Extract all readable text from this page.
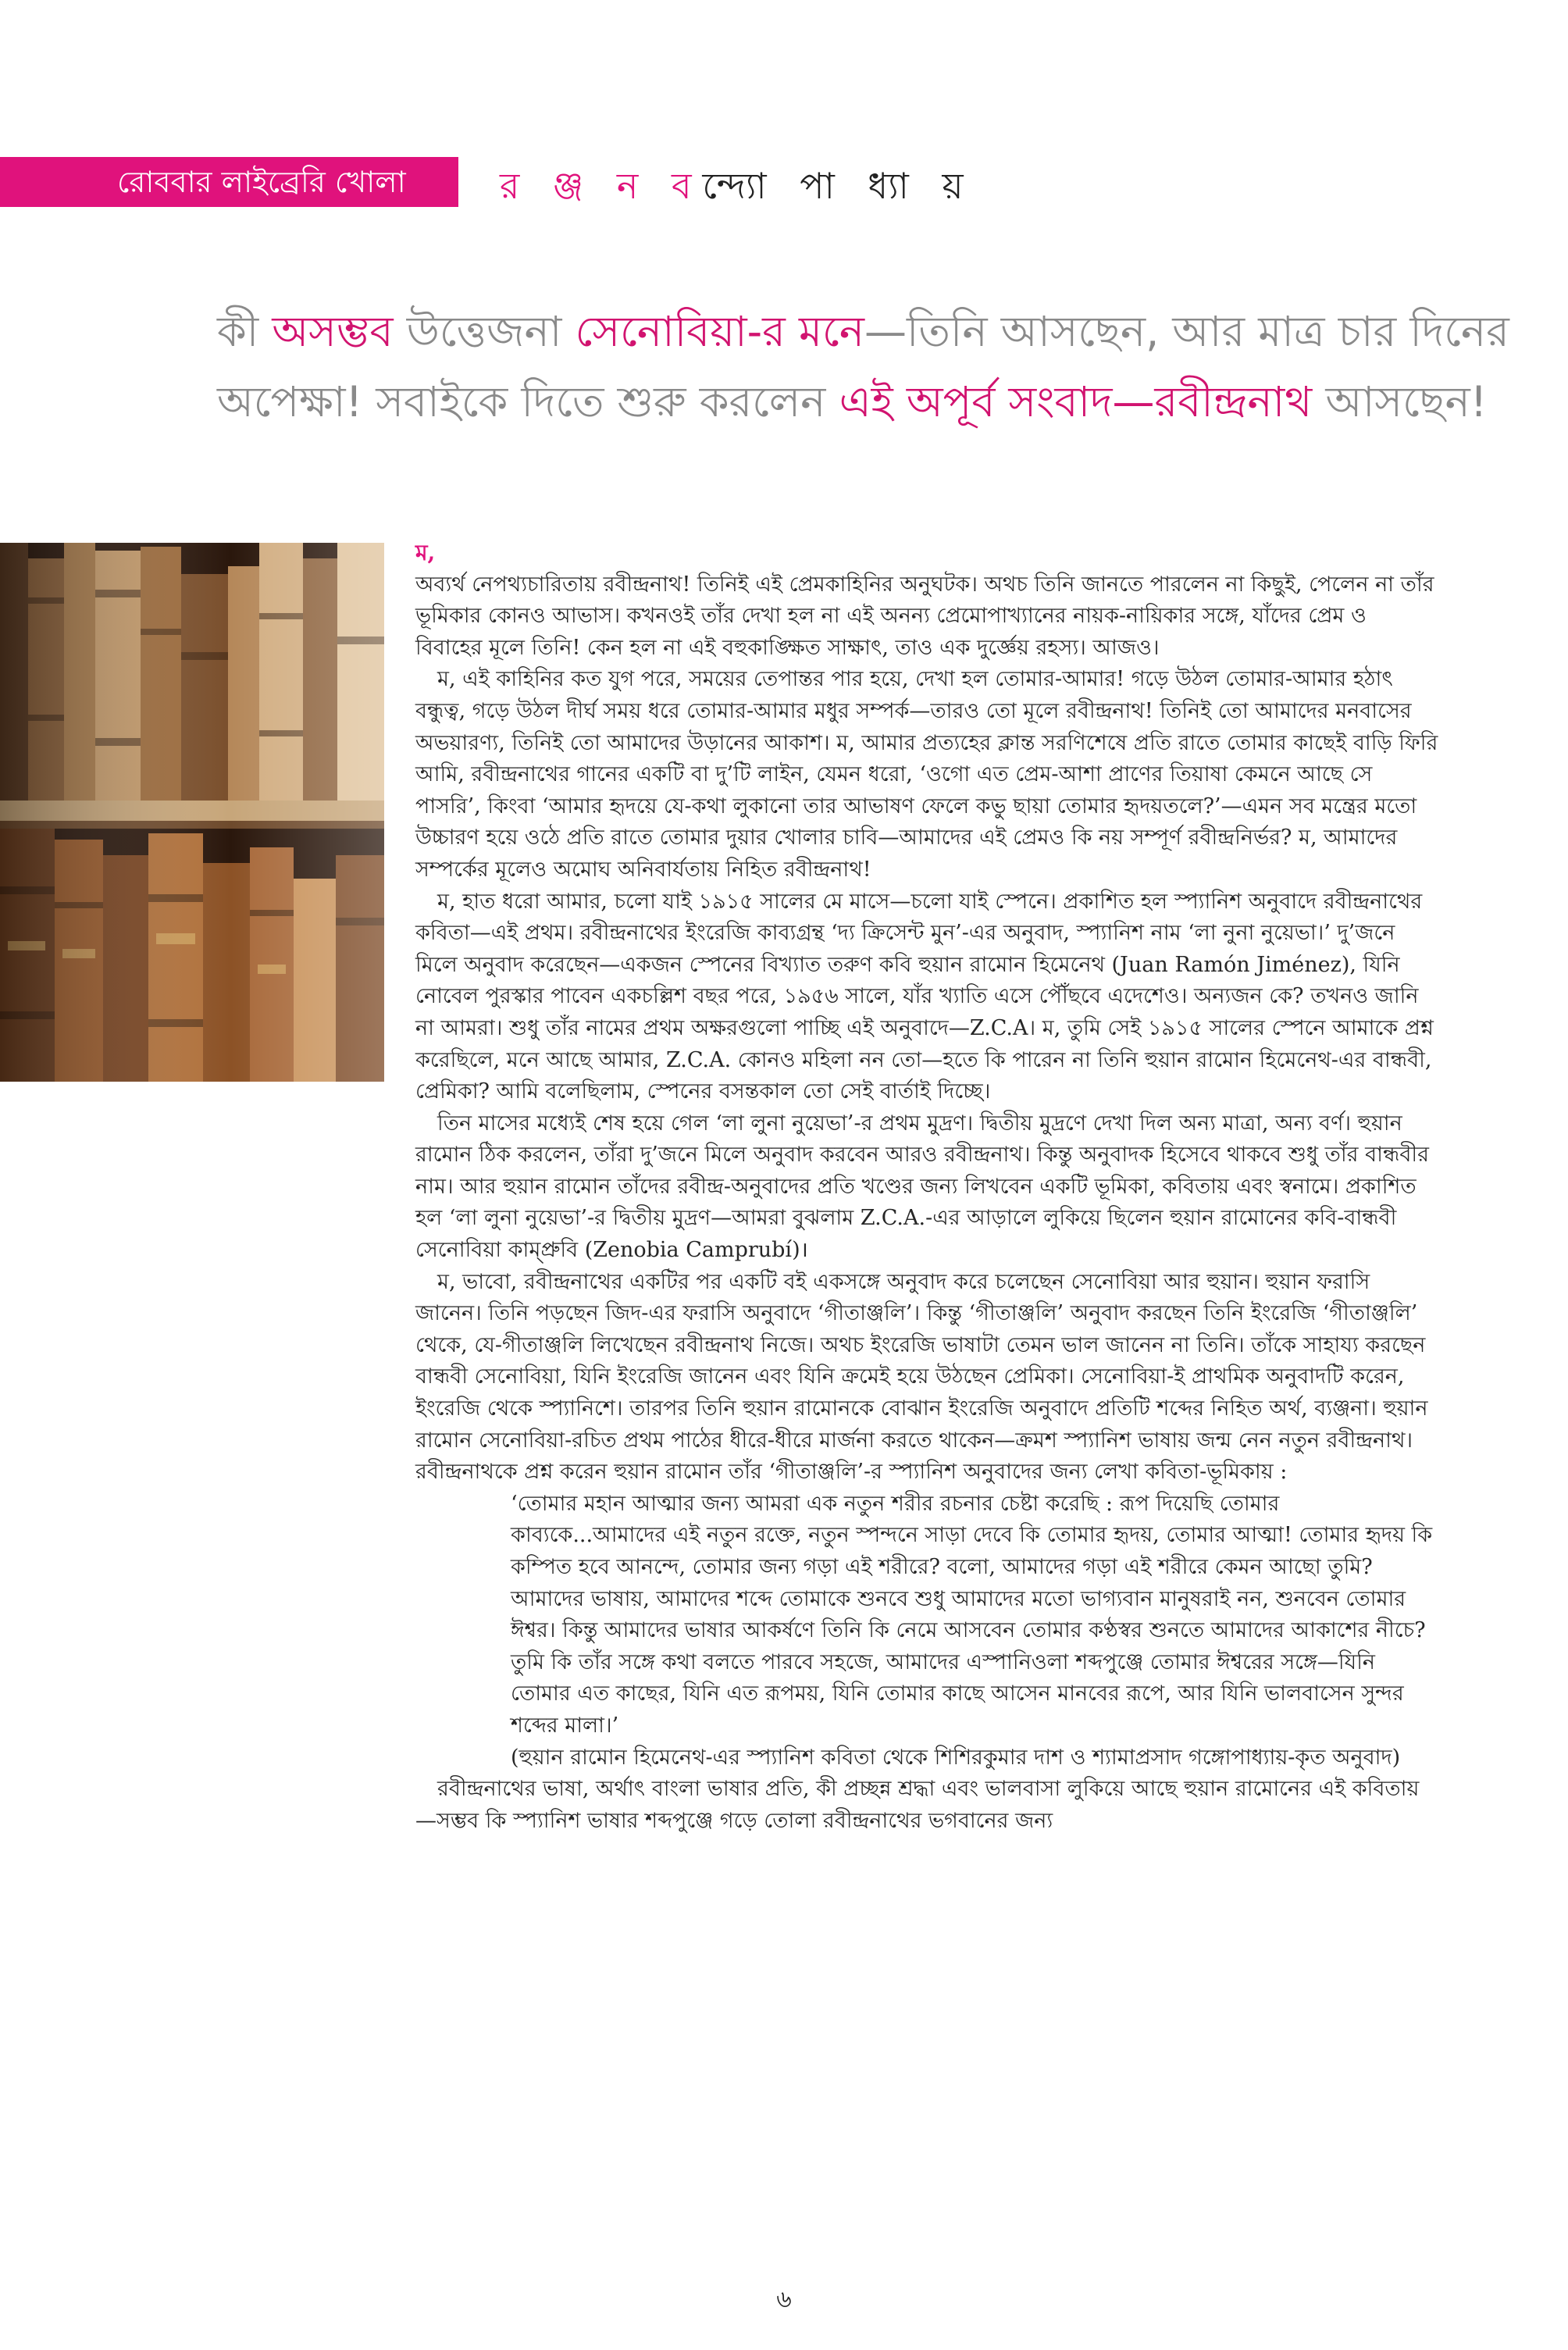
রোববার লাইব্রেরি খোলা	র ঞ্জ ন বন্দ্যো পা ধ্যা য়
কী অসম্ভব উত্তেজনা সেনোবিয়া-র মনে—তিনি আসছেন, আর মাত্র চার দিনের অপেক্ষা! সবাইকে দিতে শুরু করলেন এই অপূর্ব সংবাদ—রবীন্দ্রনাথ আসছেন!
ম,

অব্যর্থ নেপথ্যচারিতায় রবীন্দ্রনাথ! তিনিই এই প্রেমকাহিনির অনুঘটক। অথচ তিনি জানতে পারলেন না কিছুই, পেলেন না তাঁর ভূমিকার কোনও আভাস। কখনওই তাঁর দেখা হল না এই অনন্য প্রেমোপাখ্যানের নায়ক-নায়িকার সঙ্গে, যাঁদের প্রেম ও বিবাহের মূলে তিনি! কেন হল না এই বহুকাঙ্ক্ষিত সাক্ষাৎ, তাও এক দুর্জ্ঞেয় রহস্য। আজও।

ম, এই কাহিনির কত যুগ পরে, সময়ের তেপান্তর পার হয়ে, দেখা হল তোমার-আমার! গড়ে উঠল তোমার-আমার হঠাৎ বন্ধুত্ব, গড়ে উঠল দীর্ঘ সময় ধরে তোমার-আমার মধুর সম্পর্ক—তারও তো মূলে রবীন্দ্রনাথ! তিনিই তো আমাদের মনবাসের অভয়ারণ্য, তিনিই তো আমাদের উড়ানের আকাশ। ম, আমার প্রত্যহের ক্লান্ত সরণিশেষে প্রতি রাতে তোমার কাছেই বাড়ি ফিরি আমি, রবীন্দ্রনাথের গানের একটি বা দু’টি লাইন, যেমন ধরো, ‘ওগো এত প্রেম-আশা প্রাণের তিয়াষা কেমনে আছে সে পাসরি’, কিংবা ‘আমার হৃদয়ে যে-কথা লুকানো তার আভাষণ ফেলে কভু ছায়া তোমার হৃদয়তলে?’—এমন সব মন্ত্রের মতো উচ্চারণ হয়ে ওঠে প্রতি রাতে তোমার দুয়ার খোলার চাবি—আমাদের এই প্রেমও কি নয় সম্পূর্ণ রবীন্দ্রনির্ভর? ম, আমাদের সম্পর্কের মূলেও অমোঘ অনিবার্যতায় নিহিত রবীন্দ্রনাথ!

ম, হাত ধরো আমার, চলো যাই ১৯১৫ সালের মে মাসে—চলো যাই স্পেনে। প্রকাশিত হল স্প্যানিশ অনুবাদে রবীন্দ্রনাথের কবিতা—এই প্রথম। রবীন্দ্রনাথের ইংরেজি কাব্যগ্রন্থ ‘দ্য ক্রিসেন্ট মুন’-এর অনুবাদ, স্প্যানিশ নাম ‘লা নুনা নুয়েভা।’ দু’জনে মিলে অনুবাদ করেছেন—একজন স্পেনের বিখ্যাত তরুণ কবি হুয়ান রামোন হিমেনেথ (Juan Ramón Jiménez), যিনি নোবেল পুরস্কার পাবেন একচল্লিশ বছর পরে, ১৯৫৬ সালে, যাঁর খ্যাতি এসে পৌঁছবে এদেশেও। অন্যজন কে? তখনও জানি না আমরা। শুধু তাঁর নামের প্রথম অক্ষরগুলো পাচ্ছি এই অনুবাদে—Z.C.A। ম, তুমি সেই ১৯১৫ সালের স্পেনে আমাকে প্রশ্ন করেছিলে, মনে আছে আমার, Z.C.A. কোনও মহিলা নন তো—হতে কি পারেন না তিনি হুয়ান রামোন হিমেনেথ-এর বান্ধবী, প্রেমিকা? আমি বলেছিলাম, স্পেনের বসন্তকাল তো সেই বার্তাই দিচ্ছে।

তিন মাসের মধ্যেই শেষ হয়ে গেল ‘লা লুনা নুয়েভা’-র প্রথম মুদ্রণ। দ্বিতীয় মুদ্রণে দেখা দিল অন্য মাত্রা, অন্য বর্ণ। হুয়ান রামোন ঠিক করলেন, তাঁরা দু’জনে মিলে অনুবাদ করবেন আরও রবীন্দ্রনাথ। কিন্তু অনুবাদক হিসেবে থাকবে শুধু তাঁর বান্ধবীর নাম। আর হুয়ান রামোন তাঁদের রবীন্দ্র-অনুবাদের প্রতি খণ্ডের জন্য লিখবেন একটি ভূমিকা, কবিতায় এবং স্বনামে। প্রকাশিত হল ‘লা লুনা নুয়েভা’-র দ্বিতীয় মুদ্রণ—আমরা বুঝলাম Z.C.A.-এর আড়ালে লুকিয়ে ছিলেন হুয়ান রামোনের কবি-বান্ধবী সেনোবিয়া কাম্প্রুবি (Zenobia Camprubí)।

ম, ভাবো, রবীন্দ্রনাথের একটির পর একটি বই একসঙ্গে অনুবাদ করে চলেছেন সেনোবিয়া আর হুয়ান। হুয়ান ফরাসি জানেন। তিনি পড়ছেন জিদ-এর ফরাসি অনুবাদে ‘গীতাঞ্জলি’। কিন্তু ‘গীতাঞ্জলি’ অনুবাদ করছেন তিনি ইংরেজি ‘গীতাঞ্জলি’ থেকে, যে-গীতাঞ্জলি লিখেছেন রবীন্দ্রনাথ নিজে। অথচ ইংরেজি ভাষাটা তেমন ভাল জানেন না তিনি। তাঁকে সাহায্য করছেন বান্ধবী সেনোবিয়া, যিনি ইংরেজি জানেন এবং যিনি ক্রমেই হয়ে উঠছেন প্রেমিকা। সেনোবিয়া-ই প্রাথমিক অনুবাদটি করেন, ইংরেজি থেকে স্প্যানিশে। তারপর তিনি হুয়ান রামোনকে বোঝান ইংরেজি অনুবাদে প্রতিটি শব্দের নিহিত অর্থ, ব্যঞ্জনা। হুয়ান রামোন সেনোবিয়া-রচিত প্রথম পাঠের ধীরে-ধীরে মার্জনা করতে থাকেন—ক্রমশ স্প্যানিশ ভাষায় জন্ম নেন নতুন রবীন্দ্রনাথ।

রবীন্দ্রনাথকে প্রশ্ন করেন হুয়ান রামোন তাঁর ‘গীতাঞ্জলি’-র স্প্যানিশ অনুবাদের জন্য লেখা কবিতা-ভূমিকায় :

‘তোমার মহান আত্মার জন্য আমরা এক নতুন শরীর রচনার চেষ্টা করেছি : রূপ দিয়েছি তোমার কাব্যকে...আমাদের এই নতুন রক্তে, নতুন স্পন্দনে সাড়া দেবে কি তোমার হৃদয়, তোমার আত্মা! তোমার হৃদয় কি কম্পিত হবে আনন্দে, তোমার জন্য গড়া এই শরীরে? বলো, আমাদের গড়া এই শরীরে কেমন আছো তুমি? আমাদের ভাষায়, আমাদের শব্দে তোমাকে শুনবে শুধু আমাদের মতো ভাগ্যবান মানুষরাই নন, শুনবেন তোমার ঈশ্বর। কিন্তু আমাদের ভাষার আকর্ষণে তিনি কি নেমে আসবেন তোমার কণ্ঠস্বর শুনতে আমাদের আকাশের নীচে? তুমি কি তাঁর সঙ্গে কথা বলতে পারবে সহজে, আমাদের এস্পানিওলা শব্দপুঞ্জে তোমার ঈশ্বরের সঙ্গে—যিনি তোমার এত কাছের, যিনি এত রূপময়, যিনি তোমার কাছে আসেন মানবের রূপে, আর যিনি ভালবাসেন সুন্দর শব্দের মালা।’

(হুয়ান রামোন হিমেনেথ-এর স্প্যানিশ কবিতা থেকে শিশিরকুমার দাশ ও শ্যামাপ্রসাদ গঙ্গোপাধ্যায়-কৃত অনুবাদ)

রবীন্দ্রনাথের ভাষা, অর্থাৎ বাংলা ভাষার প্রতি, কী প্রচ্ছন্ন শ্রদ্ধা এবং ভালবাসা লুকিয়ে আছে হুয়ান রামোনের এই কবিতায়—সম্ভব কি স্প্যানিশ ভাষার শব্দপুঞ্জে গড়ে তোলা রবীন্দ্রনাথের ভগবানের জন্য

৬
